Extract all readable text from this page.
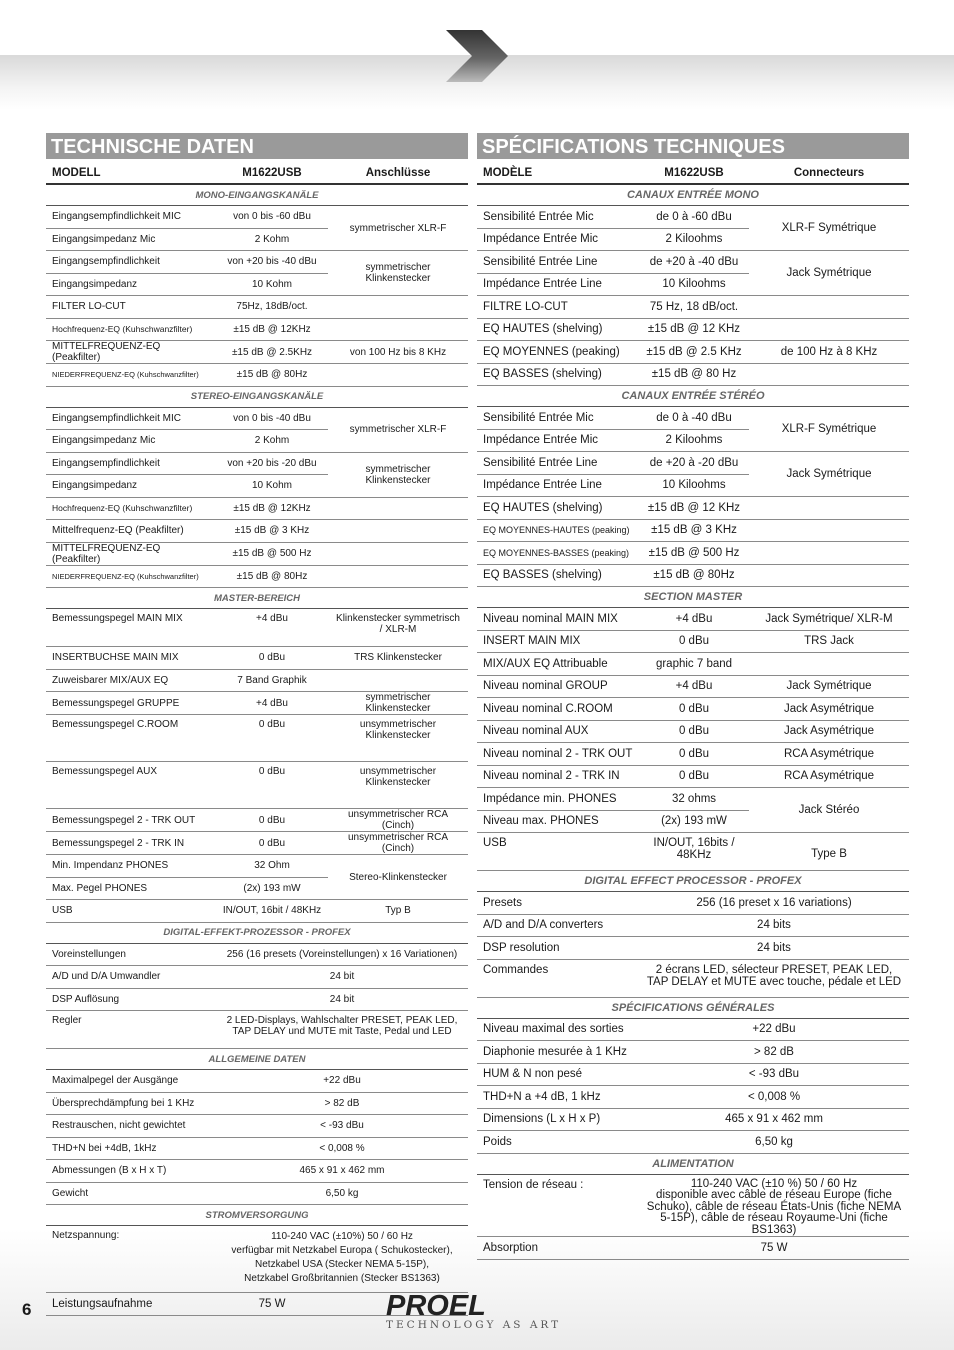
TECHNISCHE DATEN
MODELL	M1622USB	Anschlüsse
MONO-EINGANGSKANÄLE		
Eingangsempfindlichkeit MIC	von 0 bis -60 dBu	symmetrischer XLR-F
Eingangsimpedanz Mic	2 Kohm	
Eingangsempfindlichkeit	von +20 bis -40 dBu	symmetrischer Klinkenstecker
Eingangsimpedanz	10 Kohm	
FILTER LO-CUT	75Hz, 18dB/oct.	
Hochfrequenz-EQ (Kuhschwanzfilter)	±15 dB @ 12KHz	
MITTELFREQUENZ-EQ (Peakfilter)	±15 dB @ 2.5KHz	von 100 Hz bis 8 KHz
NIEDERFREQUENZ-EQ (Kuhschwanzfilter)	±15 dB @ 80Hz	
STEREO-EINGANGSKANÄLE		
Eingangsempfindlichkeit MIC	von 0 bis -40 dBu	symmetrischer XLR-F
Eingangsimpedanz Mic	2 Kohm	
Eingangsempfindlichkeit	von +20 bis -20 dBu	symmetrischer Klinkenstecker
Eingangsimpedanz	10 Kohm	
Hochfrequenz-EQ (Kuhschwanzfilter)	±15 dB @ 12KHz	
Mittelfrequenz-EQ (Peakfilter)	±15 dB @ 3 KHz	
MITTELFREQUENZ-EQ (Peakfilter)	±15 dB @ 500 Hz	
NIEDERFREQUENZ-EQ (Kuhschwanzfilter)	±15 dB @ 80Hz	
MASTER-BEREICH		
Bemessungspegel MAIN MIX	+4 dBu	Klinkenstecker symmetrisch / XLR-M
INSERTBUCHSE MAIN MIX	0 dBu	TRS Klinkenstecker
Zuweisbarer MIX/AUX EQ	7 Band Graphik	
Bemessungspegel GRUPPE	+4 dBu	symmetrischer Klinkenstecker
Bemessungspegel C.ROOM	0 dBu	unsymmetrischer Klinkenstecker
Bemessungspegel AUX	0 dBu	unsymmetrischer Klinkenstecker
Bemessungspegel 2 - TRK OUT	0 dBu	unsymmetrischer RCA (Cinch)
Bemessungspegel 2 - TRK IN	0 dBu	unsymmetrischer RCA (Cinch)
Min. Impendanz PHONES	32 Ohm	Stereo-Klinkenstecker
Max. Pegel PHONES	(2x) 193 mW	
USB	IN/OUT, 16bit / 48KHz	Typ B
DIGITAL-EFFEKT-PROZESSOR - PROFEX		
Voreinstellungen	256 (16 presets (Voreinstellungen) x 16 Variationen)	
A/D und D/A Umwandler	24 bit	
DSP Auflösung	24 bit	
Regler	2 LED-Displays, Wahlschalter PRESET, PEAK LED, TAP DELAY und MUTE mit Taste, Pedal und LED	
ALLGEMEINE DATEN		
Maximalpegel der Ausgänge	+22 dBu	
Übersprechdämpfung bei 1 KHz	> 82 dB	
Restrauschen, nicht gewichtet	< -93 dBu	
THD+N bei +4dB, 1kHz	< 0,008 %	
Abmessungen (B x H x T)	465 x 91 x 462 mm	
Gewicht	6,50 kg	
STROMVERSORGUNG		
Netzspannung:	110-240 VAC (±10%) 50 / 60 Hz
verfügbar mit Netzkabel Europa ( Schukostecker),
Netzkabel USA (Stecker NEMA 5-15P),
Netzkabel Großbritannien (Stecker BS1363)	

Leistungsaufnahme	75 W	
SPÉCIFICATIONS TECHNIQUES
MODÈLE	M1622USB	Connecteurs
CANAUX ENTRÉE MONO		
Sensibilité Entrée Mic	de 0 à -60 dBu	XLR-F Symétrique
Impédance Entrée Mic	2 Kiloohms	
Sensibilité Entrée Line	de +20 à -40 dBu	Jack Symétrique
Impédance Entrée Line	10 Kiloohms	
FILTRE LO-CUT	75 Hz, 18 dB/oct.	
EQ HAUTES (shelving)	±15 dB @ 12 KHz	
EQ MOYENNES (peaking)	±15 dB @ 2.5 KHz	de 100 Hz à 8 KHz
EQ BASSES (shelving)	±15 dB @ 80 Hz	
CANAUX ENTRÉE STÉRÉO		
Sensibilité Entrée Mic	de 0 à -40 dBu	XLR-F Symétrique
Impédance Entrée Mic	2 Kiloohms	
Sensibilité Entrée Line	de +20 à -20 dBu	Jack Symétrique
Impédance Entrée Line	10 Kiloohms	
EQ HAUTES (shelving)	±15 dB @ 12 KHz	
EQ MOYENNES-HAUTES (peaking)	±15 dB @ 3 KHz	
EQ MOYENNES-BASSES (peaking)	±15 dB @ 500 Hz	
EQ BASSES (shelving)	±15 dB @ 80Hz	
SECTION MASTER		
Niveau nominal MAIN MIX	+4 dBu	Jack Symétrique/ XLR-M
INSERT MAIN MIX	0 dBu	TRS Jack
MIX/AUX EQ Attribuable	graphic 7 band	
Niveau nominal GROUP	+4 dBu	Jack Symétrique
Niveau nominal C.ROOM	0 dBu	Jack Asymétrique
Niveau nominal AUX	0 dBu	Jack Asymétrique
Niveau nominal 2 - TRK OUT	0 dBu	RCA Asymétrique
Niveau nominal 2 - TRK IN	0 dBu	RCA Asymétrique
Impédance min. PHONES	32 ohms	Jack Stéréo
Niveau max. PHONES	(2x) 193 mW	
USB	IN/OUT, 16bits / 48KHz	Type B
DIGITAL EFFECT PROCESSOR - PROFEX		
Presets	256 (16 preset x 16 variations)	
A/D and D/A converters	24 bits	
DSP resolution	24 bits	
Commandes	2 écrans LED, sélecteur PRESET, PEAK LED, TAP DELAY et MUTE avec touche, pédale et LED	
SPÉCIFICATIONS GÉNÉRALES		
Niveau maximal des sorties	+22 dBu	
Diaphonie mesurée à 1 KHz	> 82 dB	
HUM & N non pesé	< -93 dBu	
THD+N a +4 dB, 1 kHz	< 0,008 %	
Dimensions (L x H x P)	465 x 91 x 462 mm	
Poids	6,50 kg	
ALIMENTATION		
Tension de réseau :	110-240 VAC (±10 %) 50 / 60 Hz
disponible avec câble de réseau Europe (fiche Schuko), câble de réseau États-Unis (fiche NEMA 5-15P), câble de réseau Royaume-Uni (fiche BS1363)	

Absorption	75 W	
6	PROEL
TECHNOLOGY AS ART
